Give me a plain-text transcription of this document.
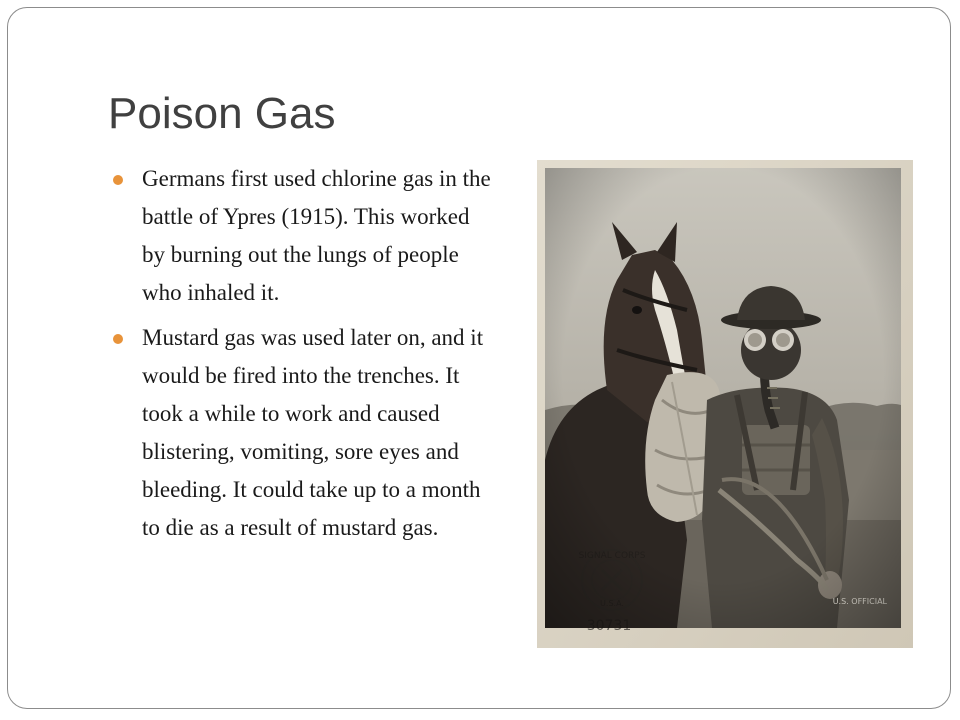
Poison Gas
Germans first used chlorine gas in the battle of Ypres (1915). This worked by burning out the lungs of people who inhaled it.
Mustard gas was used later on, and it would be fired into the trenches. It took a while to work and caused blistering, vomiting, sore eyes and bleeding. It could take up to a month to die as a result of mustard gas.
